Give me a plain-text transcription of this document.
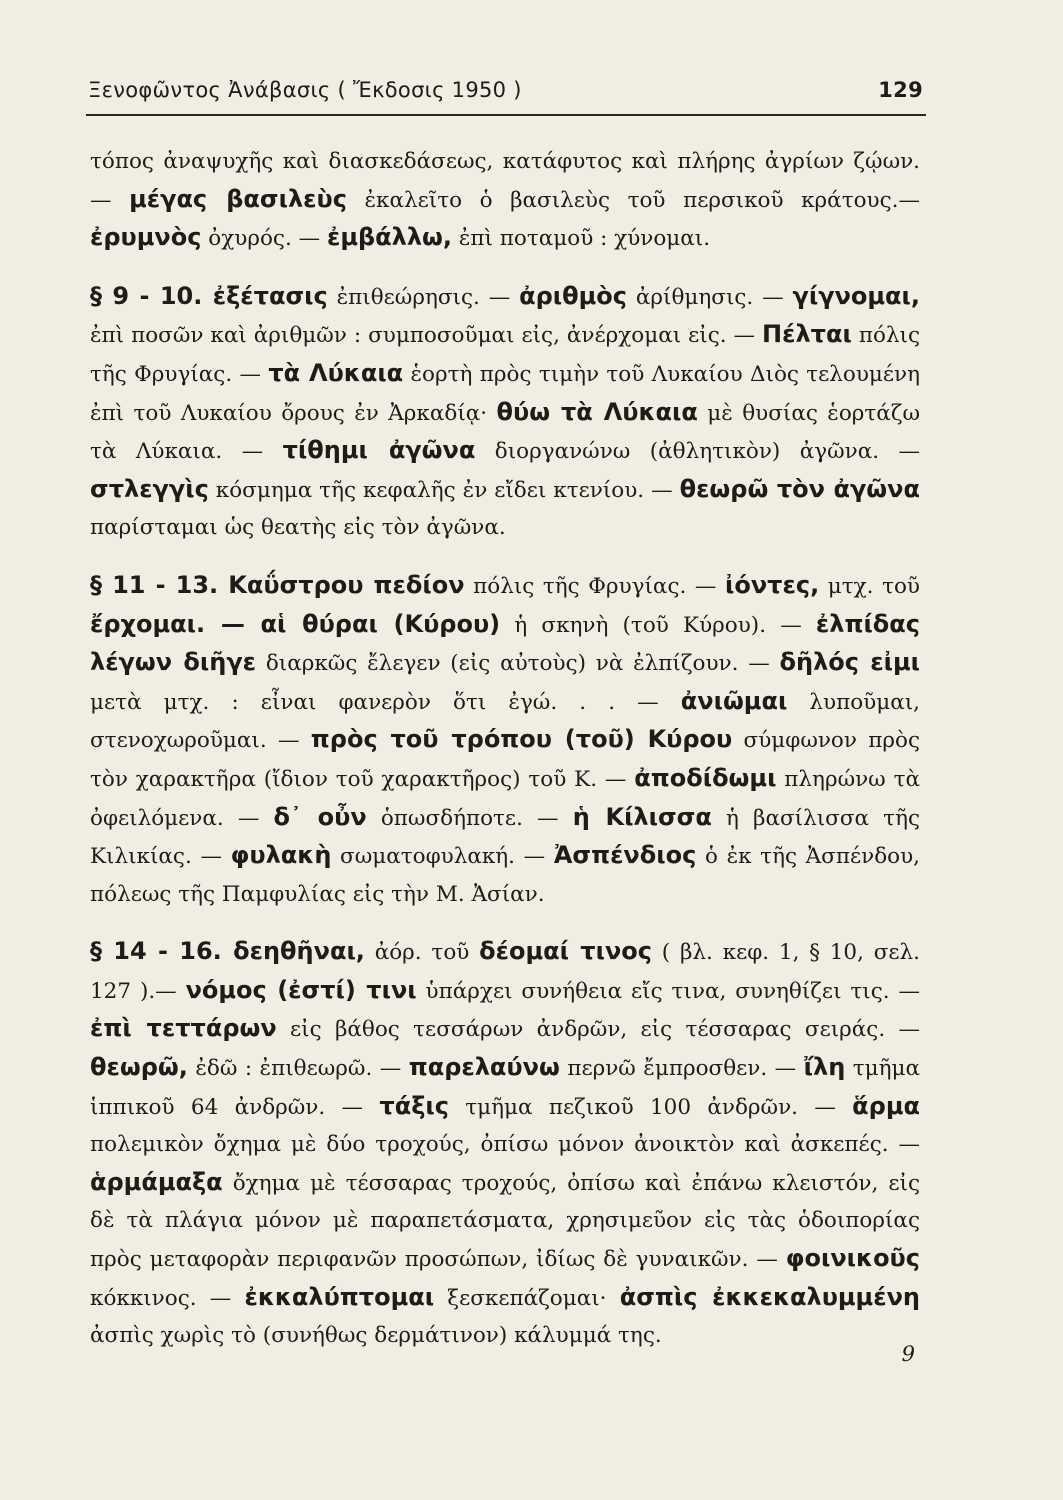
Ξενοφῶντος Ἀνάβασις ( Ἔκδοσις 1950 )	129

τόπος ἀναψυχῆς καὶ διασκεδάσεως, κατάφυτος καὶ πλήρης ἀγρίων ζῴων. — μέγας βασιλεὺς ἐκαλεῖτο ὁ βασιλεὺς τοῦ περσικοῦ κράτους.— ἐρυμνὸς ὀχυρός. — ἐμβάλλω, ἐπὶ ποταμοῦ : χύνομαι.

§ 9 - 10. ἐξέτασις ἐπιθεώρησις. — ἀριθμὸς ἀρίθμησις. — γίγνομαι, ἐπὶ ποσῶν καὶ ἀριθμῶν : συμποσοῦμαι εἰς, ἀνέρχομαι εἰς. — Πέλται πόλις τῆς Φρυγίας. — τὰ Λύκαια ἑορτὴ πρὸς τιμὴν τοῦ Λυκαίου Διὸς τελουμένη ἐπὶ τοῦ Λυκαίου ὄρους ἐν Ἀρκαδίᾳ· θύω τὰ Λύκαια μὲ θυσίας ἑορτάζω τὰ Λύκαια. — τίθημι ἀγῶνα διοργανώνω (ἀθλητικὸν) ἀγῶνα. — στλεγγὶς κόσμημα τῆς κεφαλῆς ἐν εἴδει κτενίου. — θεωρῶ τὸν ἀγῶνα παρίσταμαι ὡς θεατὴς εἰς τὸν ἀγῶνα.

§ 11 - 13. Καΰστρου πεδίον πόλις τῆς Φρυγίας. — ἰόντες, μτχ. τοῦ ἔρχομαι. — αἱ θύραι (Κύρου) ἡ σκηνὴ (τοῦ Κύρου). — ἐλπίδας λέγων διῆγε διαρκῶς ἔλεγεν (εἰς αὐτοὺς) νὰ ἐλπίζουν. — δῆλός εἰμι μετὰ μτχ. : εἶναι φανερὸν ὅτι ἐγώ. . . — ἀνιῶμαι λυποῦμαι, στενοχωροῦμαι. — πρὸς τοῦ τρόπου (τοῦ) Κύρου σύμφωνον πρὸς τὸν χαρακτῆρα (ἴδιον τοῦ χαρακτῆρος) τοῦ Κ. — ἀποδίδωμι πληρώνω τὰ ὀφειλόμενα. — δ᾽ οὖν ὁπωσδήποτε. — ἡ Κίλισσα ἡ βασίλισσα τῆς Κιλικίας. — φυλακὴ σωματοφυλακή. — Ἀσπένδιος ὁ ἐκ τῆς Ἀσπένδου, πόλεως τῆς Παμφυλίας εἰς τὴν Μ. Ἀσίαν.

§ 14 - 16. δεηθῆναι, ἀόρ. τοῦ δέομαί τινος ( βλ. κεφ. 1, § 10, σελ. 127 ).— νόμος (ἐστί) τινι ὑπάρχει συνήθεια εἴς τινα, συνηθίζει τις. — ἐπὶ τεττάρων εἰς βάθος τεσσάρων ἀνδρῶν, εἰς τέσσαρας σειράς. — θεωρῶ, ἐδῶ : ἐπιθεωρῶ. — παρελαύνω περνῶ ἔμπροσθεν. — ἴλη τμῆμα ἱππικοῦ 64 ἀνδρῶν. — τάξις τμῆμα πεζικοῦ 100 ἀνδρῶν. — ἅρμα πολεμικὸν ὄχημα μὲ δύο τροχούς, ὀπίσω μόνον ἀνοικτὸν καὶ ἀσκεπές. — ἁρμάμαξα ὄχημα μὲ τέσσαρας τροχούς, ὀπίσω καὶ ἐπάνω κλειστόν, εἰς δὲ τὰ πλάγια μόνον μὲ παραπετάσματα, χρησιμεῦον εἰς τὰς ὁδοιπορίας πρὸς μεταφορὰν περιφανῶν προσώπων, ἰδίως δὲ γυναικῶν. — φοινικοῦς κόκκινος. — ἐκκαλύπτομαι ξεσκεπάζομαι· ἀσπὶς ἐκκεκαλυμμένη ἀσπὶς χωρὶς τὸ (συνήθως δερμάτινον) κάλυμμά της.

9
